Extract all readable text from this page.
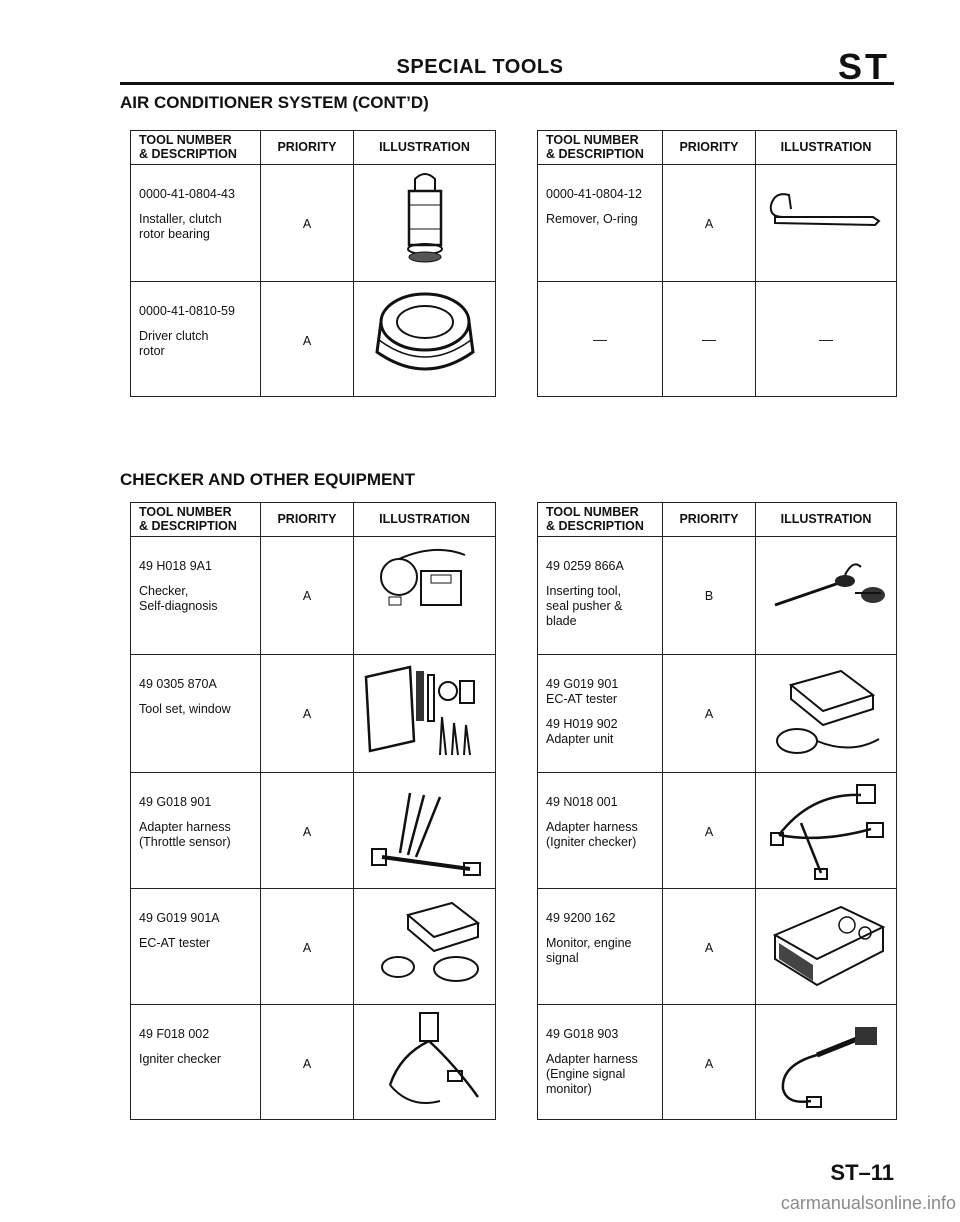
SPECIAL TOOLS	ST
AIR CONDITIONER SYSTEM (CONT’D)
TOOL NUMBER
& DESCRIPTION	PRIORITY	ILLUSTRATION

0000-41-0804-43
Installer, clutch
rotor bearing	A

0000-41-0810-59
Driver clutch
rotor	A

TOOL NUMBER
& DESCRIPTION	PRIORITY	ILLUSTRATION

0000-41-0804-12
Remover, O-ring	A

—	—	—
CHECKER AND OTHER EQUIPMENT
TOOL NUMBER
& DESCRIPTION	PRIORITY	ILLUSTRATION

49 H018 9A1
Checker,
Self-diagnosis	A

49 0305 870A
Tool set, window	A

49 G018 901
Adapter harness
(Throttle sensor)	A

49 G019 901A
EC-AT tester	A

49 F018 002
Igniter checker	A

TOOL NUMBER
& DESCRIPTION	PRIORITY	ILLUSTRATION

49 0259 866A
Inserting tool,
seal pusher &
blade	B

49 G019 901
EC-AT tester
49 H019 902
Adapter unit	A

49 N018 001
Adapter harness
(Igniter checker)	A

49 9200 162
Monitor, engine
signal	A

49 G018 903
Adapter harness
(Engine signal
monitor)	A

ST–11
carmanualsonline.info
